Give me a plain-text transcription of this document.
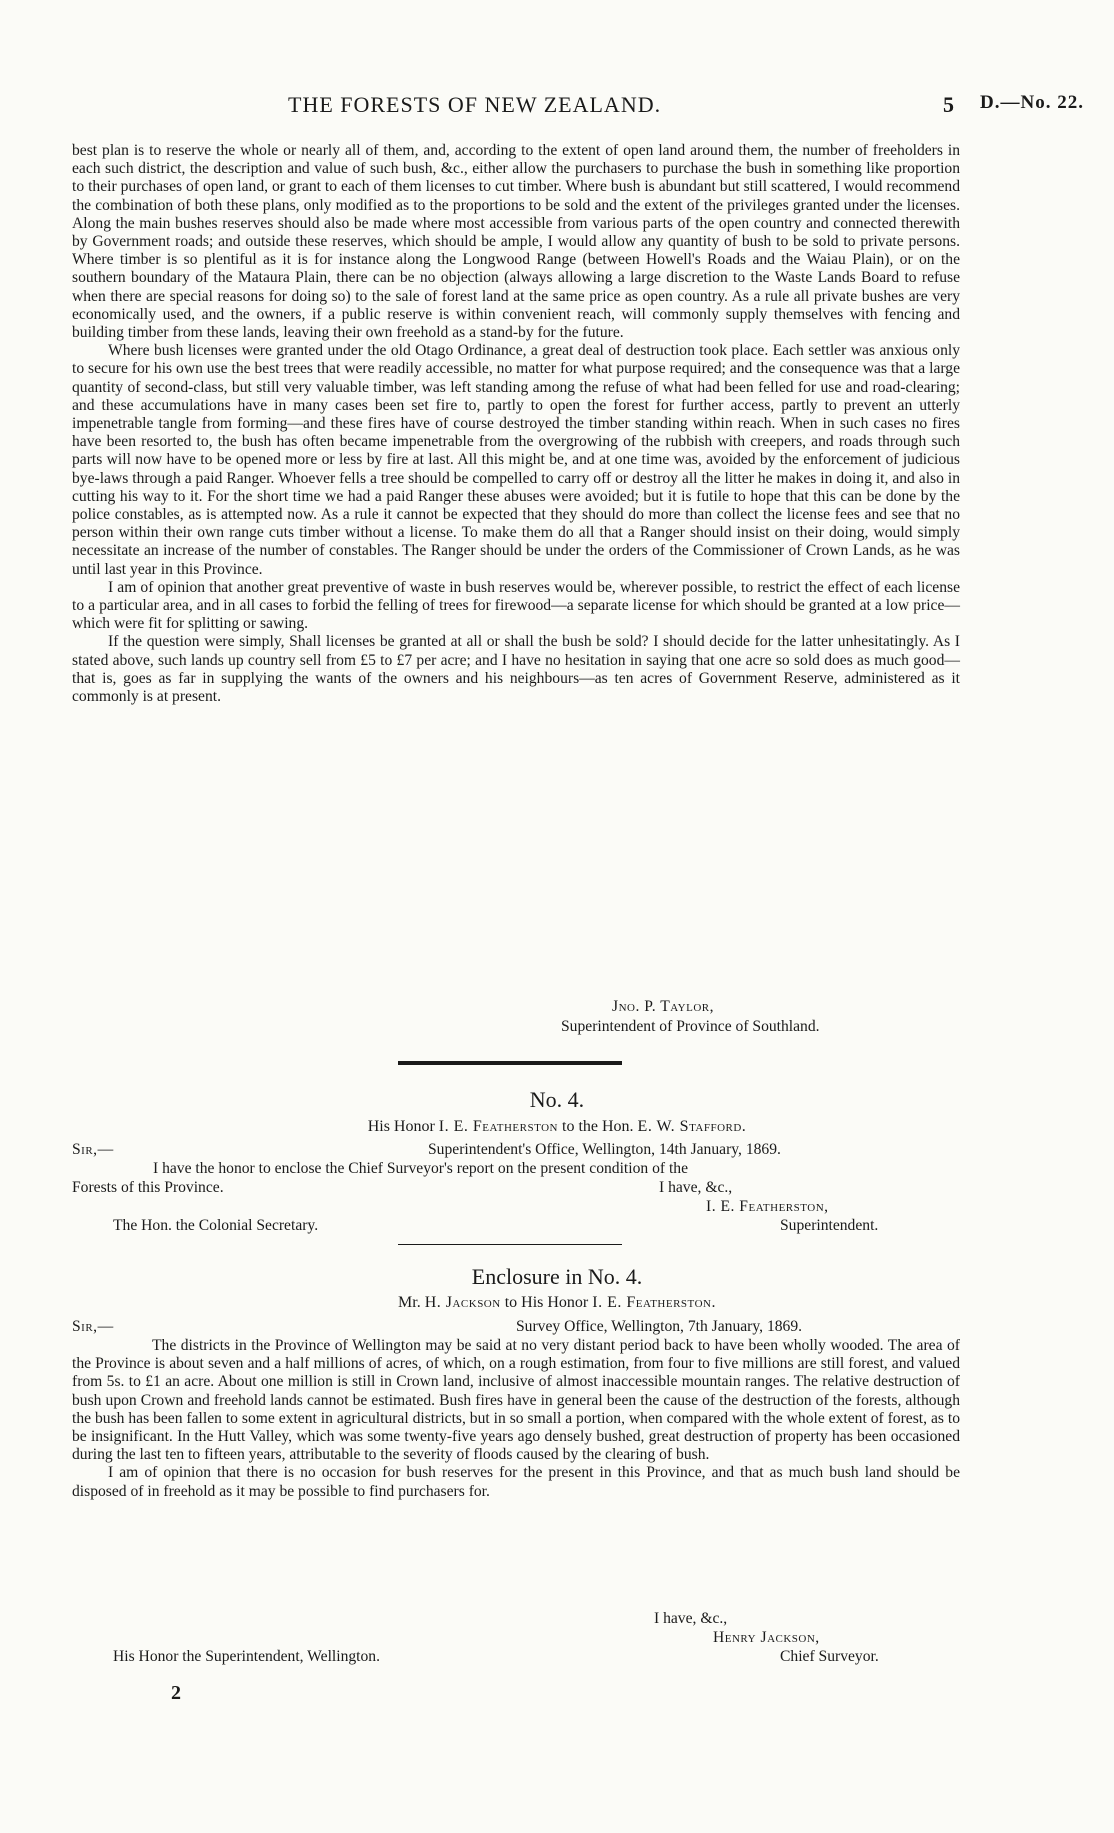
THE FORESTS OF NEW ZEALAND.	5 D.—No. 22.

best plan is to reserve the whole or nearly all of them, and, according to the extent of open land around them, the number of freeholders in each such district, the description and value of such bush, &c., either allow the purchasers to purchase the bush in something like proportion to their purchases of open land, or grant to each of them licenses to cut timber. Where bush is abundant but still scattered, I would recommend the combination of both these plans, only modified as to the proportions to be sold and the extent of the privileges granted under the licenses. Along the main bushes reserves should also be made where most accessible from various parts of the open country and connected therewith by Government roads; and outside these reserves, which should be ample, I would allow any quantity of bush to be sold to private persons. Where timber is so plentiful as it is for instance along the Longwood Range (between Howell's Roads and the Waiau Plain), or on the southern boundary of the Mataura Plain, there can be no objection (always allowing a large discretion to the Waste Lands Board to refuse when there are special reasons for doing so) to the sale of forest land at the same price as open country. As a rule all private bushes are very economically used, and the owners, if a public reserve is within convenient reach, will commonly supply themselves with fencing and building timber from these lands, leaving their own freehold as a stand-by for the future.

Where bush licenses were granted under the old Otago Ordinance, a great deal of destruction took place. Each settler was anxious only to secure for his own use the best trees that were readily accessible, no matter for what purpose required; and the consequence was that a large quantity of second-class, but still very valuable timber, was left standing among the refuse of what had been felled for use and road-clearing; and these accumulations have in many cases been set fire to, partly to open the forest for further access, partly to prevent an utterly impenetrable tangle from forming—and these fires have of course destroyed the timber standing within reach. When in such cases no fires have been resorted to, the bush has often became impenetrable from the overgrowing of the rubbish with creepers, and roads through such parts will now have to be opened more or less by fire at last. All this might be, and at one time was, avoided by the enforcement of judicious bye-laws through a paid Ranger. Whoever fells a tree should be compelled to carry off or destroy all the litter he makes in doing it, and also in cutting his way to it. For the short time we had a paid Ranger these abuses were avoided; but it is futile to hope that this can be done by the police constables, as is attempted now. As a rule it cannot be expected that they should do more than collect the license fees and see that no person within their own range cuts timber without a license. To make them do all that a Ranger should insist on their doing, would simply necessitate an increase of the number of constables. The Ranger should be under the orders of the Commissioner of Crown Lands, as he was until last year in this Province.

I am of opinion that another great preventive of waste in bush reserves would be, wherever possible, to restrict the effect of each license to a particular area, and in all cases to forbid the felling of trees for firewood—a separate license for which should be granted at a low price—which were fit for splitting or sawing.

If the question were simply, Shall licenses be granted at all or shall the bush be sold? I should decide for the latter unhesitatingly. As I stated above, such lands up country sell from £5 to £7 per acre; and I have no hesitation in saying that one acre so sold does as much good—that is, goes as far in supplying the wants of the owners and his neighbours—as ten acres of Government Reserve, administered as it commonly is at present.

Jno. P. Taylor,
Superintendent of Province of Southland.
No. 4.
His Honor I. E. Featherston to the Hon. E. W. Stafford.
Sir,—	Superintendent's Office, Wellington, 14th January, 1869.
I have the honor to enclose the Chief Surveyor's report on the present condition of the
Forests of this Province.	I have, &c.,
I. E. Featherston,
The Hon. the Colonial Secretary.	Superintendent.
Enclosure in No. 4.
Mr. H. Jackson to His Honor I. E. Featherston.
Sir,—	Survey Office, Wellington, 7th January, 1869.

The districts in the Province of Wellington may be said at no very distant period back to have been wholly wooded. The area of the Province is about seven and a half millions of acres, of which, on a rough estimation, from four to five millions are still forest, and valued from 5s. to £1 an acre. About one million is still in Crown land, inclusive of almost inaccessible mountain ranges. The relative destruction of bush upon Crown and freehold lands cannot be estimated. Bush fires have in general been the cause of the destruction of the forests, although the bush has been fallen to some extent in agricultural districts, but in so small a portion, when compared with the whole extent of forest, as to be insignificant. In the Hutt Valley, which was some twenty-five years ago densely bushed, great destruction of property has been occasioned during the last ten to fifteen years, attributable to the severity of floods caused by the clearing of bush.

I am of opinion that there is no occasion for bush reserves for the present in this Province, and that as much bush land should be disposed of in freehold as it may be possible to find purchasers for.

I have, &c.,
Henry Jackson,
His Honor the Superintendent, Wellington.	Chief Surveyor.
2
